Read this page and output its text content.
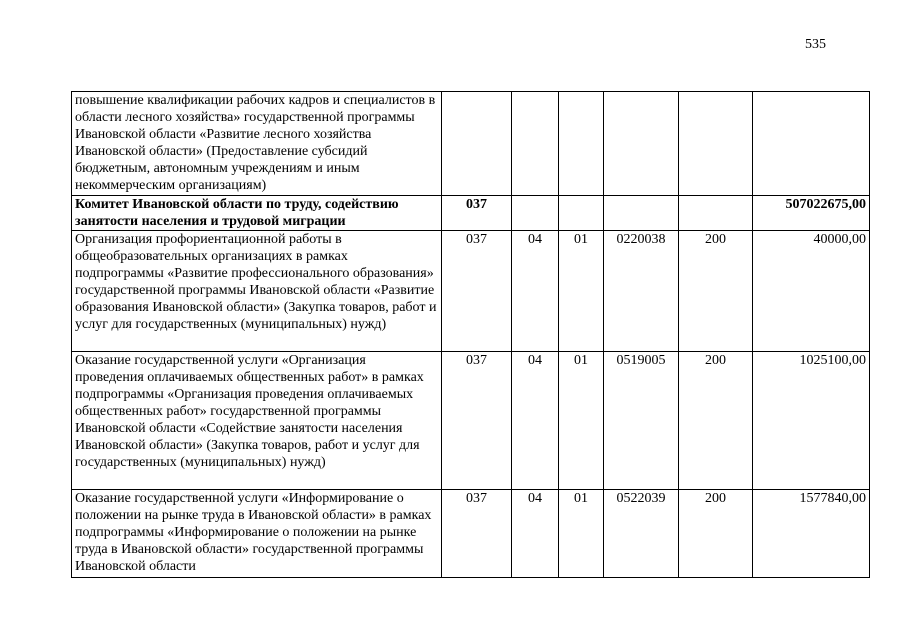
535
повышение квалификации рабочих кадров и специалистов в области лесного хозяйства» государственной программы Ивановской области «Развитие лесного хозяйства Ивановской области» (Предоставление субсидий бюджетным, автономным учреждениям и иным некоммерческим организациям)						
Комитет Ивановской области по труду, содействию занятости населения и трудовой миграции	037					507022675,00
Организация профориентационной работы в общеобразовательных организациях в рамках подпрограммы «Развитие профессионального образования» государственной программы Ивановской области «Развитие образования Ивановской области» (Закупка товаров, работ и услуг для государственных (муниципальных) нужд)	037	04	01	0220038	200	40000,00
Оказание государственной услуги «Организация проведения оплачиваемых общественных работ» в рамках подпрограммы «Организация проведения оплачиваемых общественных работ» государственной программы Ивановской области «Содействие занятости населения Ивановской области» (Закупка товаров, работ и услуг для государственных (муниципальных) нужд)	037	04	01	0519005	200	1025100,00
Оказание государственной услуги «Информирование о положении на рынке труда в Ивановской области» в рамках подпрограммы «Информирование о положении на рынке труда в Ивановской области» государственной программы Ивановской области	037	04	01	0522039	200	1577840,00
